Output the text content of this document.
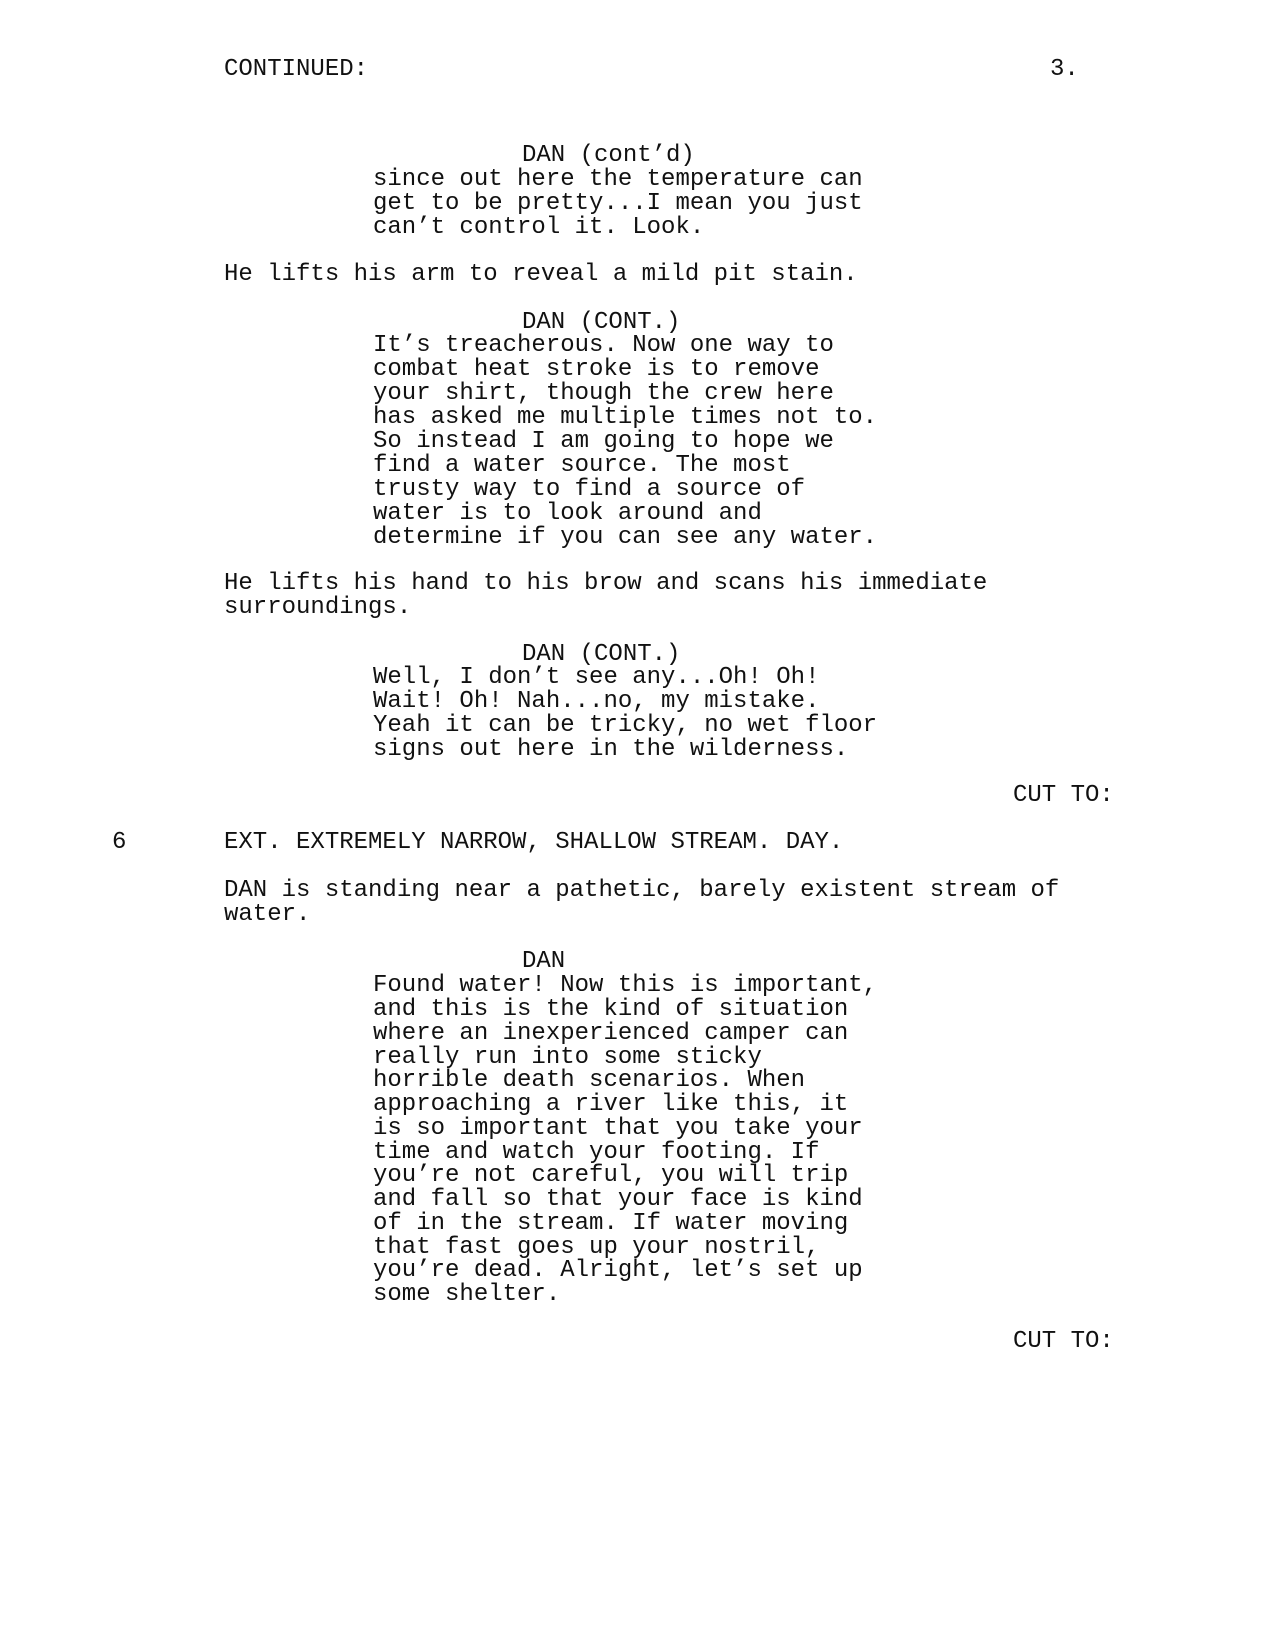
CONTINUED:	3.
DAN (cont’d)
since out here the temperature can
get to be pretty...I mean you just
can’t control it. Look.
He lifts his arm to reveal a mild pit stain.
DAN (CONT.)
It’s treacherous. Now one way to
combat heat stroke is to remove
your shirt, though the crew here
has asked me multiple times not to.
So instead I am going to hope we
find a water source. The most
trusty way to find a source of
water is to look around and
determine if you can see any water.
He lifts his hand to his brow and scans his immediate
surroundings.
DAN (CONT.)
Well, I don’t see any...Oh! Oh!
Wait! Oh! Nah...no, my mistake.
Yeah it can be tricky, no wet floor
signs out here in the wilderness.
CUT TO:
6	EXT. EXTREMELY NARROW, SHALLOW STREAM. DAY.
DAN is standing near a pathetic, barely existent stream of
water.
DAN
Found water! Now this is important,
and this is the kind of situation
where an inexperienced camper can
really run into some sticky
horrible death scenarios. When
approaching a river like this, it
is so important that you take your
time and watch your footing. If
you’re not careful, you will trip
and fall so that your face is kind
of in the stream. If water moving
that fast goes up your nostril,
you’re dead. Alright, let’s set up
some shelter.
CUT TO:
